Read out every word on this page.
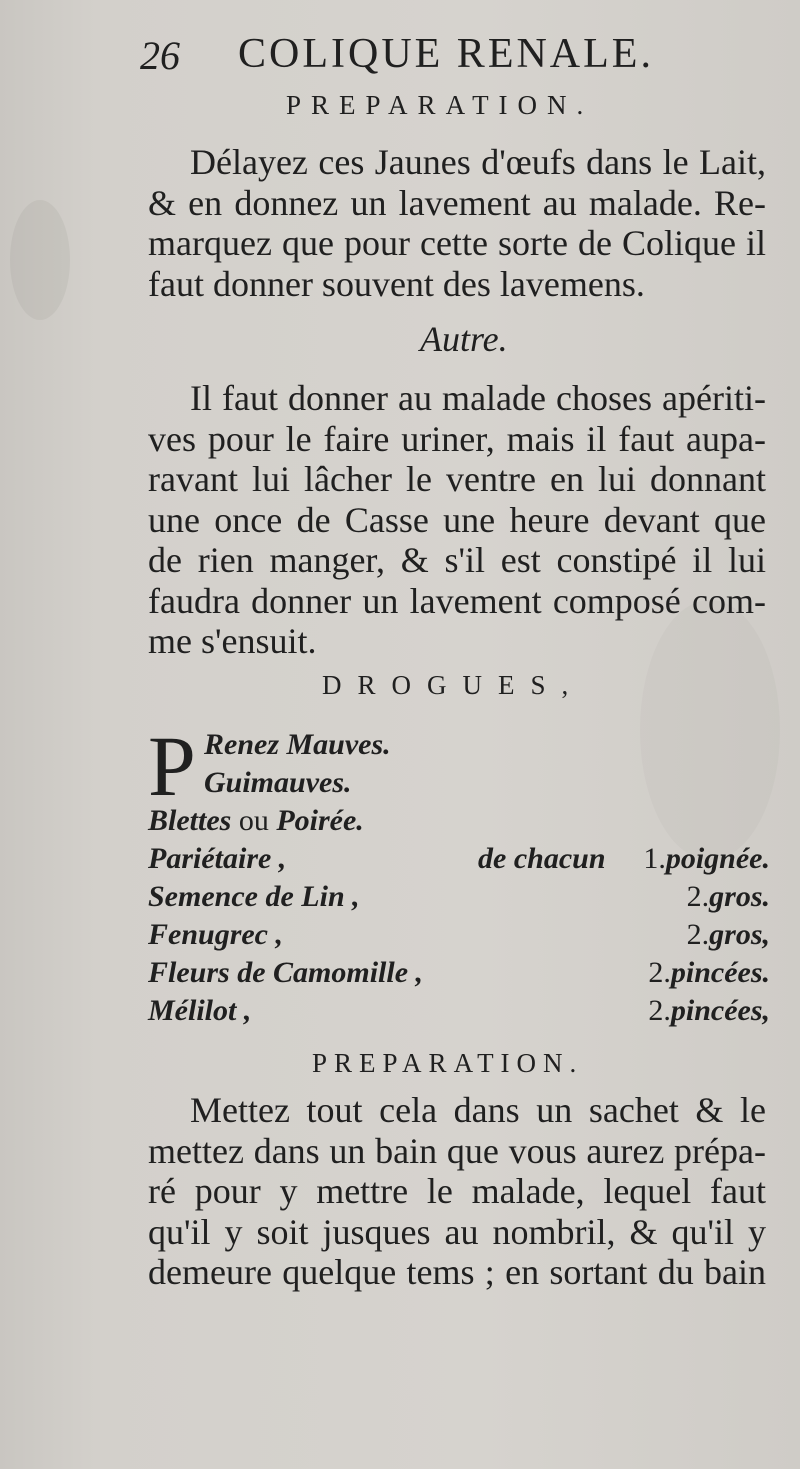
26 COLIQUE RENALE.
PREPARATION.
Délayez ces Jaunes d'œufs dans le Lait,
& en donnez un lavement au malade. Re-
marquez que pour cette sorte de Colique il
faut donner souvent des lavemens.
Autre.
Il faut donner au malade choses apériti-
ves pour le faire uriner, mais il faut aupa-
ravant lui lâcher le ventre en lui donnant
une once de Casse une heure devant que
de rien manger, & s'il est constipé il lui
faudra donner un lavement composé com-
me s'ensuit.
DROGUES,
P Renez Mauves.
Guimauves.
Blettes ou Poirée.
Pariétaire ,	de chacun 1.poignée.
Semence de Lin ,	2.gros.
Fenugrec ,	2.gros,
Fleurs de Camomille ,	2.pincées.
Mélilot ,	2.pincées,
PREPARATION.
Mettez tout cela dans un sachet & le
mettez dans un bain que vous aurez prépa-
ré pour y mettre le malade, lequel faut
qu'il y soit jusques au nombril, & qu'il y
demeure quelque tems ; en sortant du bain
